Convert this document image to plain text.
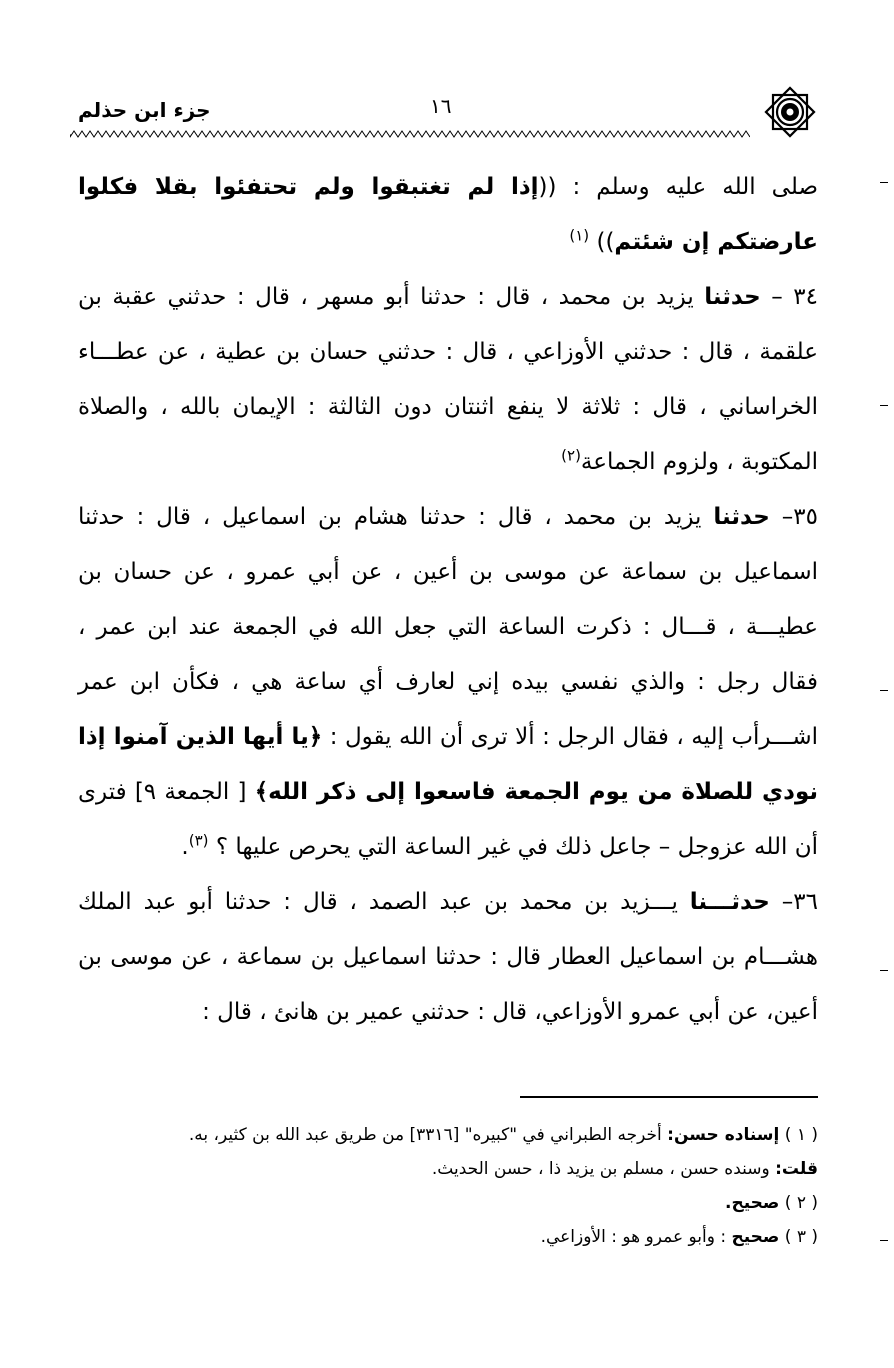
١٦
جزء ابن حذلم

صلى الله عليه وسلم : ((إذا لم تغتبقوا ولم تحتفئوا بقلا فكلوا عارضتكم إن شئتم)) $^{(١)}$

٣٤ – حدثنا يزيد بن محمد ، قال : حدثنا أبو مسهر ، قال : حدثني عقبة بن علقمة ، قال : حدثني الأوزاعي ، قال : حدثني حسان بن عطية ، عن عطـــاء الخراساني ، قال : ثلاثة لا ينفع اثنتان دون الثالثة : الإيمان بالله ، والصلاة المكتوبة ، ولزوم الجماعة$^{(٢)}$

٣٥– حدثنا يزيد بن محمد ، قال : حدثنا هشام بن اسماعيل ، قال : حدثنا اسماعيل بن سماعة عن موسى بن أعين ، عن أبي عمرو ، عن حسان بن عطيـــة ، قـــال : ذكرت الساعة التي جعل الله في الجمعة عند ابن عمر ، فقال رجل : والذي نفسي بيده إني لعارف أي ساعة هي ، فكأن ابن عمر اشـــرأب إليه ، فقال الرجل : ألا ترى أن الله يقول : ﴿يا أيها الذين آمنوا إذا نودي للصلاة من يوم الجمعة فاسعوا إلى ذكر الله﴾ [ الجمعة ٩] فترى أن الله عزوجل – جاعل ذلك في غير الساعة التي يحرص عليها ؟ $^{(٣)}$.

٣٦– حدثـــنا يـــزيد بن محمد بن عبد الصمد ، قال : حدثنا أبو عبد الملك هشـــام بن اسماعيل العطار قال : حدثنا اسماعيل بن سماعة ، عن موسى بن أعين، عن أبي عمرو الأوزاعي، قال : حدثني عمير بن هانئ ، قال :

( ١ ) إسناده حسن: أخرجه الطبراني في "كبيره" [٣٣١٦] من طريق عبد الله بن كثير، به.
قلت: وسنده حسن ، مسلم بن يزيد ذا ، حسن الحديث.
( ٢ ) صحيح.
( ٣ ) صحيح : وأبو عمرو هو : الأوزاعي.
